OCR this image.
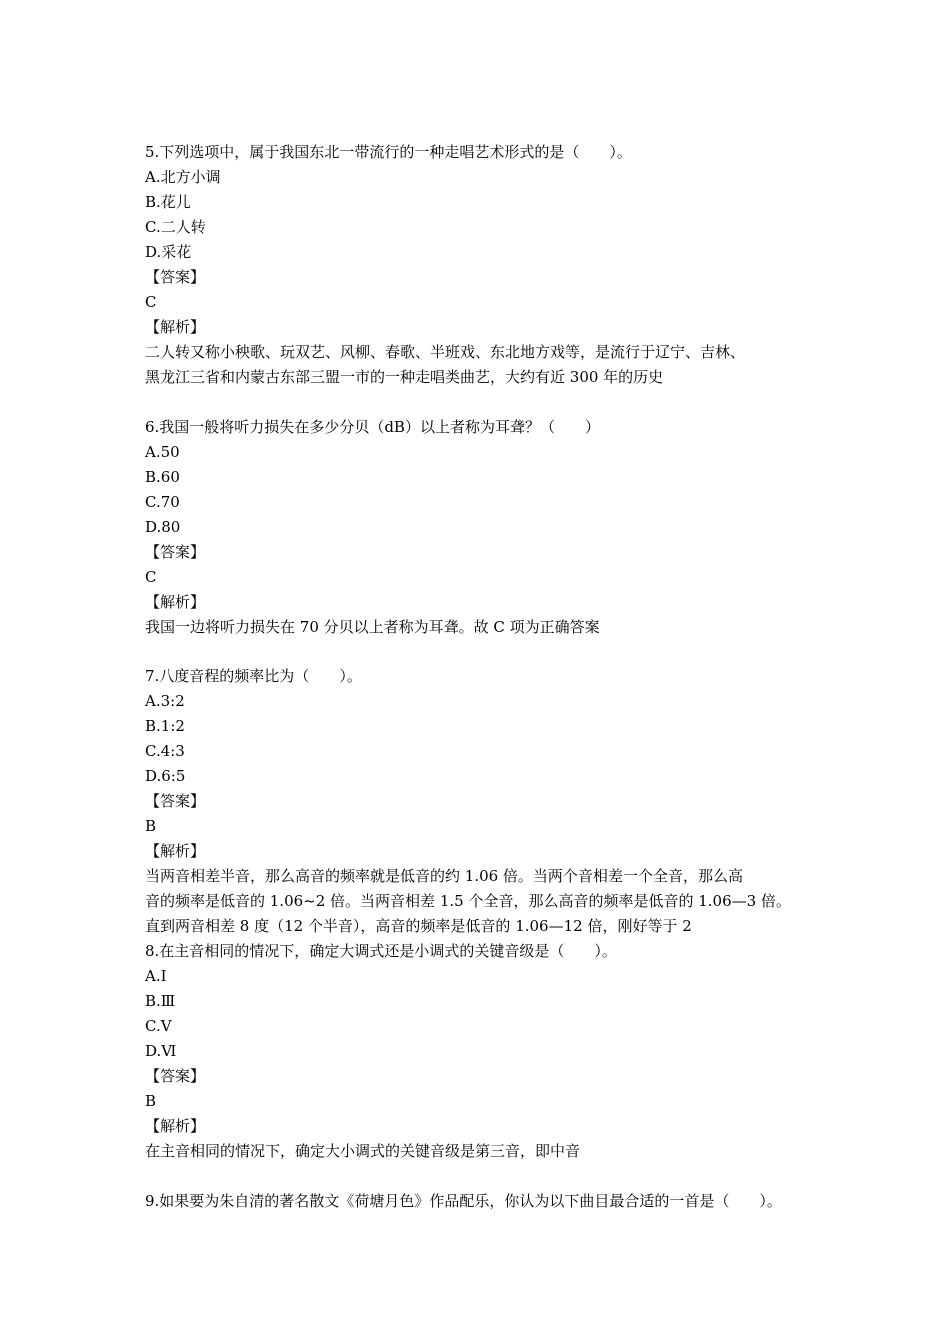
5.下列选项中，属于我国东北一带流行的一种走唱艺术形式的是（　　）。

A.北方小调

B.花儿

C.二人转

D.采花

【答案】

C

【解析】

二人转又称小秧歌、玩双艺、风柳、春歌、半班戏、东北地方戏等，是流行于辽宁、吉林、

黑龙江三省和内蒙古东部三盟一市的一种走唱类曲艺，大约有近 300 年的历史

6.我国一般将听力损失在多少分贝（dB）以上者称为耳聋？（　　）

A.50

B.60

C.70

D.80

【答案】

C

【解析】

我国一边将听力损失在 70 分贝以上者称为耳聋。故 C 项为正确答案

7.八度音程的频率比为（　　）。

A.3:2

B.1:2

C.4:3

D.6:5

【答案】

B

【解析】

当两音相差半音，那么高音的频率就是低音的约 1.06 倍。当两个音相差一个全音，那么高

音的频率是低音的 1.06~2 倍。当两音相差 1.5 个全音，那么高音的频率是低音的 1.06—3 倍。

直到两音相差 8 度（12 个半音），高音的频率是低音的 1.06—12 倍，刚好等于 2

8.在主音相同的情况下，确定大调式还是小调式的关键音级是（　　）。

A.Ⅰ

B.Ⅲ

C.Ⅴ

D.Ⅵ

【答案】

B

【解析】

在主音相同的情况下，确定大小调式的关键音级是第三音，即中音

9.如果要为朱自清的著名散文《荷塘月色》作品配乐，你认为以下曲目最合适的一首是（　　）。
